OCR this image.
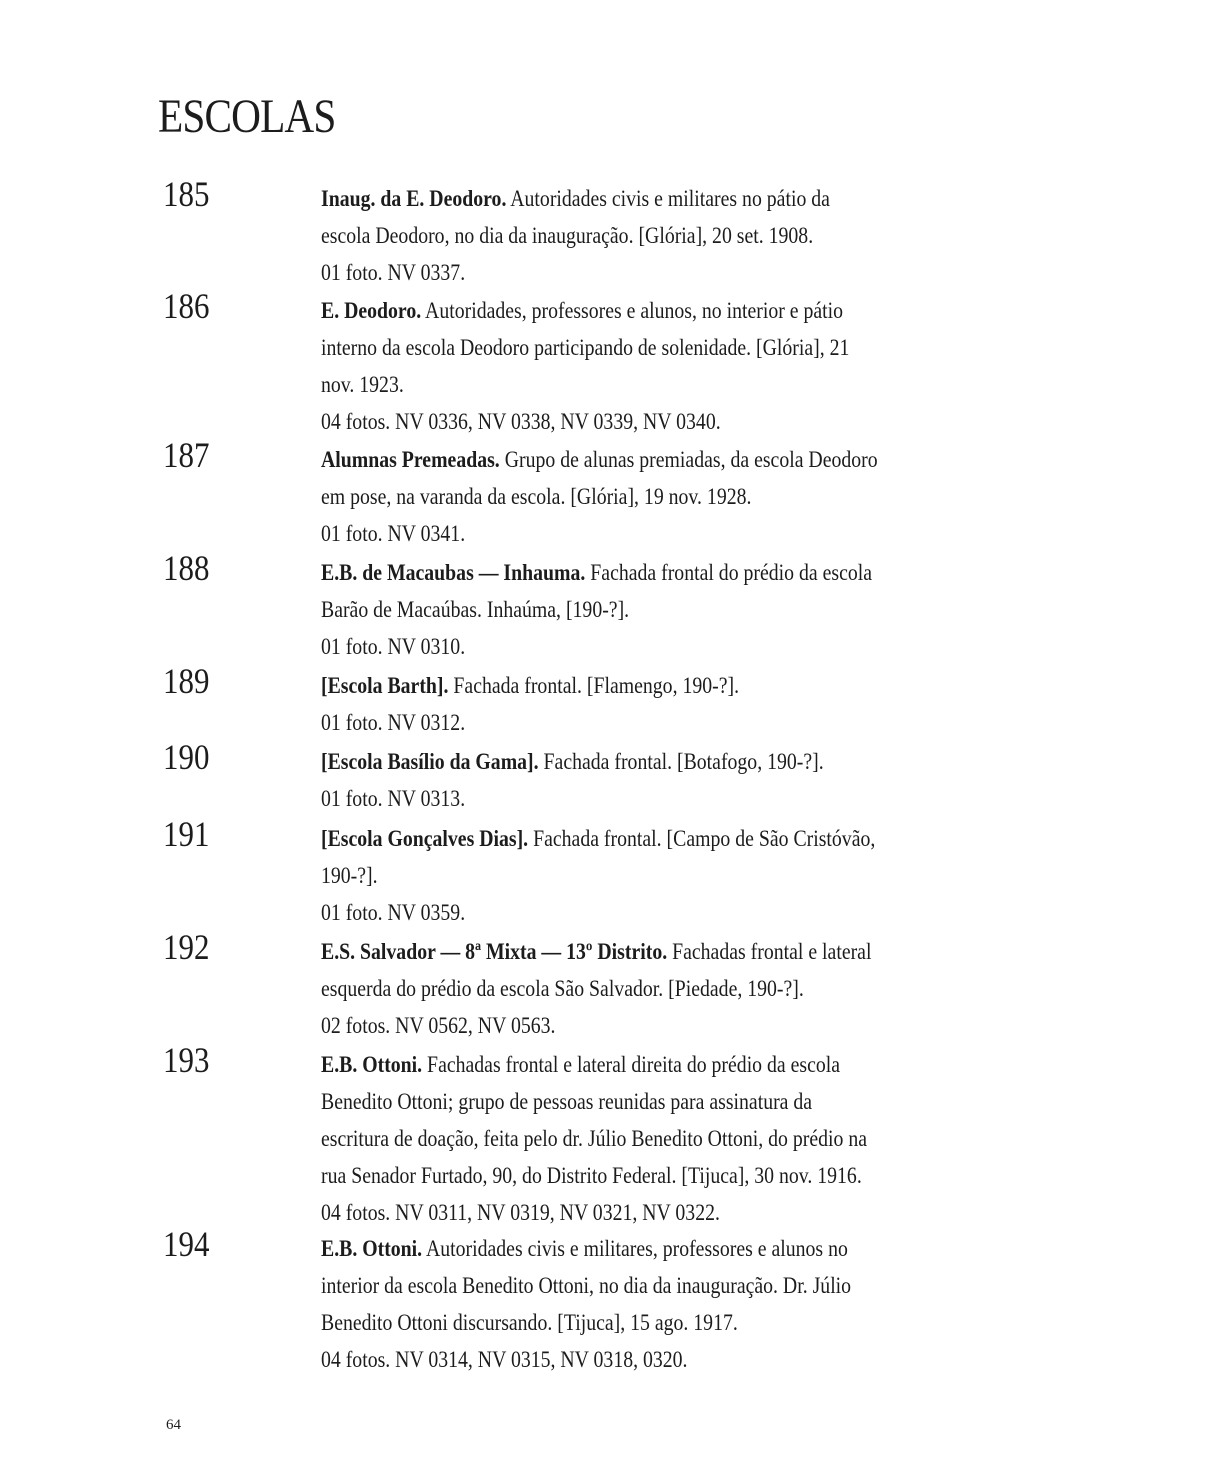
ESCOLAS
185	Inaug. da E. Deodoro. Autoridades civis e militares no pátio da
escola Deodoro, no dia da inauguração. [Glória], 20 set. 1908.
01 foto. NV 0337.
186	E. Deodoro. Autoridades, professores e alunos, no interior e pátio
interno da escola Deodoro participando de solenidade. [Glória], 21
nov. 1923.
04 fotos. NV 0336, NV 0338, NV 0339, NV 0340.
187	Alumnas Premeadas. Grupo de alunas premiadas, da escola Deodoro
em pose, na varanda da escola. [Glória], 19 nov. 1928.
01 foto. NV 0341.
188	E.B. de Macaubas — Inhauma. Fachada frontal do prédio da escola
Barão de Macaúbas. Inhaúma, [190-?].
01 foto. NV 0310.
189	[Escola Barth]. Fachada frontal. [Flamengo, 190-?].
01 foto. NV 0312.
190	[Escola Basílio da Gama]. Fachada frontal. [Botafogo, 190-?].
01 foto. NV 0313.
191	[Escola Gonçalves Dias]. Fachada frontal. [Campo de São Cristóvão,
190-?].
01 foto. NV 0359.
192	E.S. Salvador — 8ª Mixta — 13º Distrito. Fachadas frontal e lateral
esquerda do prédio da escola São Salvador. [Piedade, 190-?].
02 fotos. NV 0562, NV 0563.
193	E.B. Ottoni. Fachadas frontal e lateral direita do prédio da escola
Benedito Ottoni; grupo de pessoas reunidas para assinatura da
escritura de doação, feita pelo dr. Júlio Benedito Ottoni, do prédio na
rua Senador Furtado, 90, do Distrito Federal. [Tijuca], 30 nov. 1916.
04 fotos. NV 0311, NV 0319, NV 0321, NV 0322.
194	E.B. Ottoni. Autoridades civis e militares, professores e alunos no
interior da escola Benedito Ottoni, no dia da inauguração. Dr. Júlio
Benedito Ottoni discursando. [Tijuca], 15 ago. 1917.
04 fotos. NV 0314, NV 0315, NV 0318, 0320.
64
